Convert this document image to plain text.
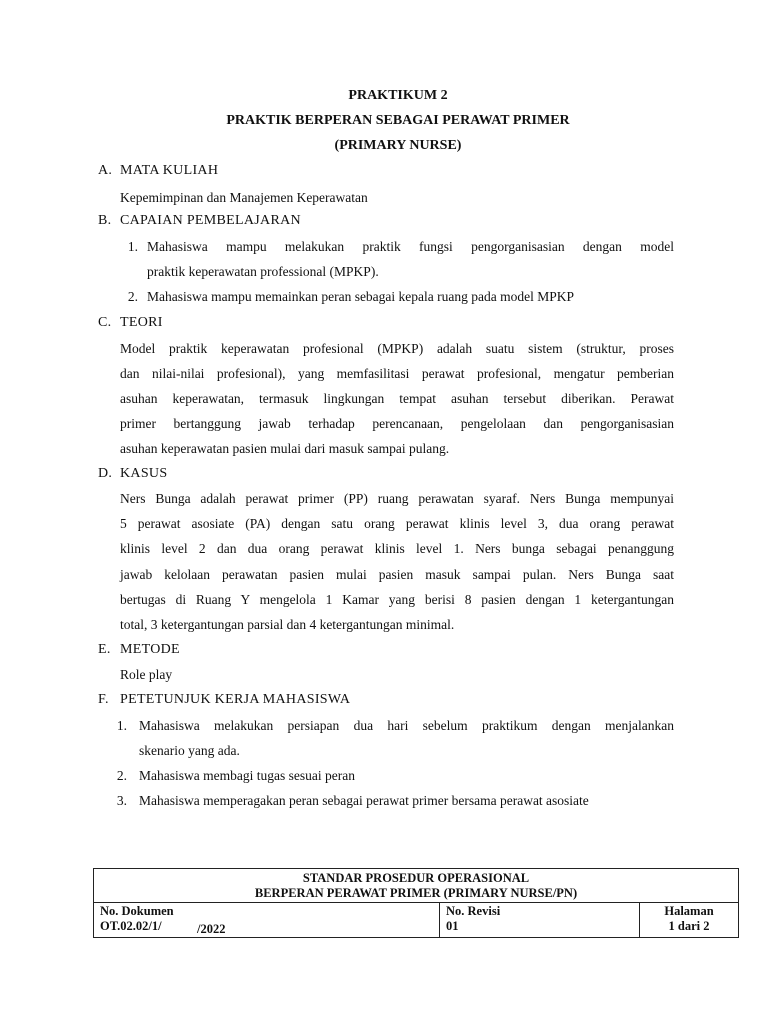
PRAKTIKUM 2
PRAKTIK BERPERAN SEBAGAI PERAWAT PRIMER
(PRIMARY NURSE)
A. MATA KULIAH
Kepemimpinan dan Manajemen Keperawatan
B. CAPAIAN PEMBELAJARAN
1. Mahasiswa mampu melakukan praktik fungsi pengorganisasian dengan model
praktik keperawatan professional (MPKP).
2. Mahasiswa mampu memainkan peran sebagai kepala ruang pada model MPKP
C. TEORI
Model praktik keperawatan profesional (MPKP) adalah suatu sistem (struktur, proses
dan nilai-nilai profesional), yang memfasilitasi perawat profesional, mengatur pemberian
asuhan keperawatan, termasuk lingkungan tempat asuhan tersebut diberikan. Perawat
primer bertanggung jawab terhadap perencanaan, pengelolaan dan pengorganisasian
asuhan keperawatan pasien mulai dari masuk sampai pulang.
D. KASUS
Ners Bunga adalah perawat primer (PP) ruang perawatan syaraf. Ners Bunga mempunyai
5 perawat asosiate (PA) dengan satu orang perawat klinis level 3, dua orang perawat
klinis level 2 dan dua orang perawat klinis level 1. Ners bunga sebagai penanggung
jawab kelolaan perawatan pasien mulai pasien masuk sampai pulan. Ners Bunga saat
bertugas di Ruang Y mengelola 1 Kamar yang berisi 8 pasien dengan 1 ketergantungan
total, 3 ketergantungan parsial dan 4 ketergantungan minimal.
E. METODE
Role play
F. PETETUNJUK KERJA MAHASISWA
1. Mahasiswa melakukan persiapan dua hari sebelum praktikum dengan menjalankan
skenario yang ada.
2. Mahasiswa membagi tugas sesuai peran
3. Mahasiswa memperagakan peran sebagai perawat primer bersama perawat asosiate
STANDAR PROSEDUR OPERASIONAL
BERPERAN PERAWAT PRIMER (PRIMARY NURSE/PN)
No. Dokumen
OT.02.02/1/	/2022
No. Revisi
01
Halaman
1 dari 2
